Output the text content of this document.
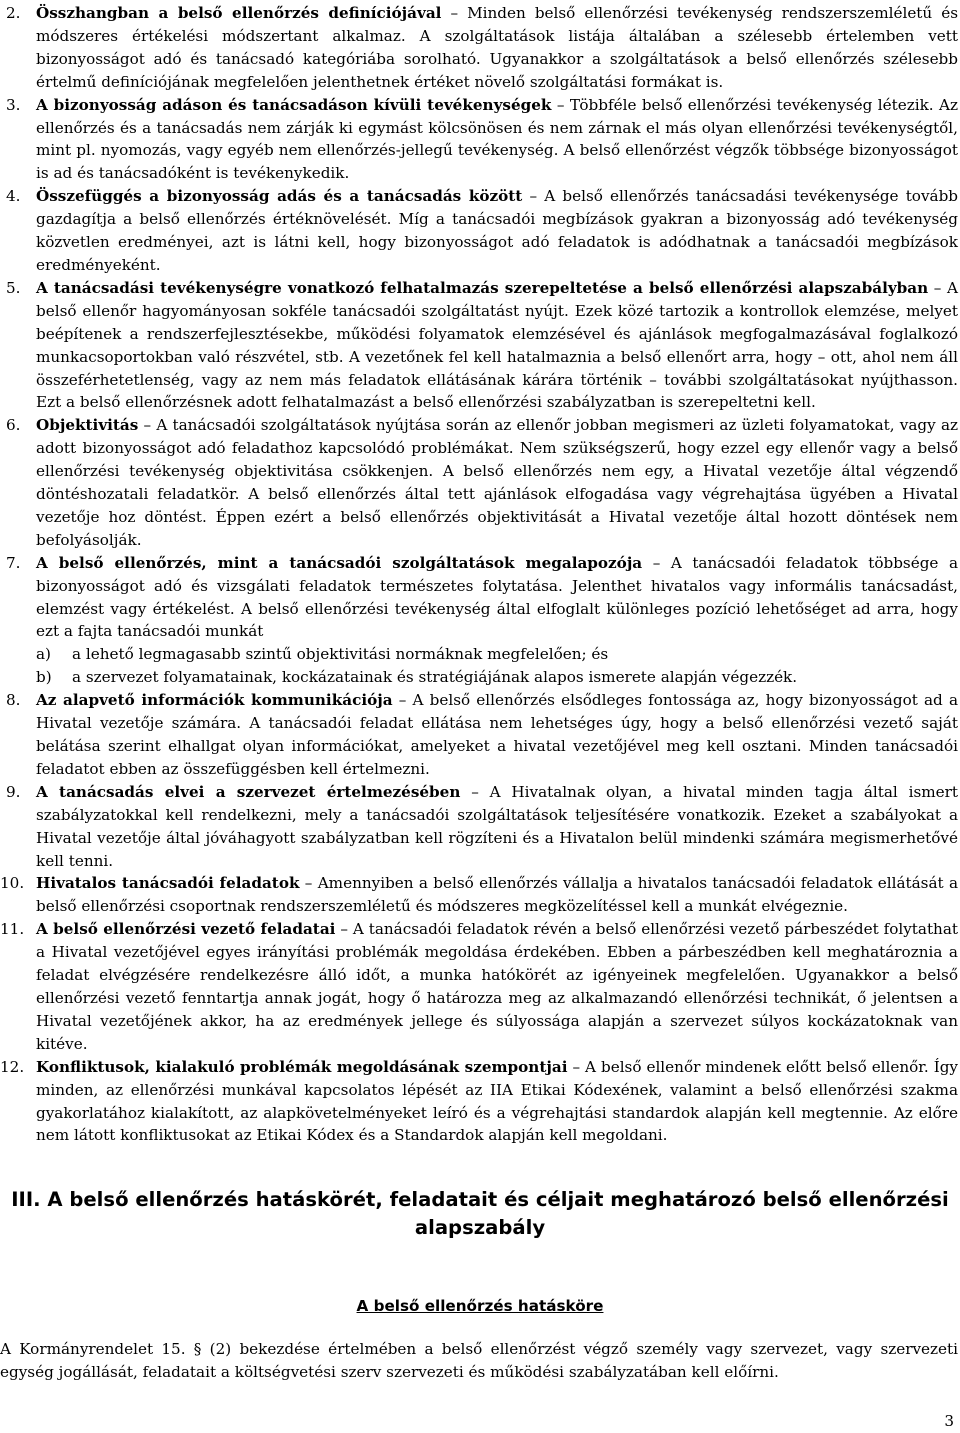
2.	Összhangban a belső ellenőrzés definíciójával – Minden belső ellenőrzési tevékenység rendszerszemléletű és módszeres értékelési módszertant alkalmaz. A szolgáltatások listája általában a szélesebb értelemben vett bizonyosságot adó és tanácsadó kategóriába sorolható. Ugyanakkor a szolgáltatások a belső ellenőrzés szélesebb értelmű definíciójának megfelelően jelenthetnek értéket növelő szolgáltatási formákat is.
3.	A bizonyosság adáson és tanácsadáson kívüli tevékenységek – Többféle belső ellenőrzési tevékenység létezik. Az ellenőrzés és a tanácsadás nem zárják ki egymást kölcsönösen és nem zárnak el más olyan ellenőrzési tevékenységtől, mint pl. nyomozás, vagy egyéb nem ellenőrzés-jellegű tevékenység. A belső ellenőrzést végzők többsége bizonyosságot is ad és tanácsadóként is tevékenykedik.
4.	Összefüggés a bizonyosság adás és a tanácsadás között – A belső ellenőrzés tanácsadási tevékenysége tovább gazdagítja a belső ellenőrzés értéknövelését. Míg a tanácsadói megbízások gyakran a bizonyosság adó tevékenység közvetlen eredményei, azt is látni kell, hogy bizonyosságot adó feladatok is adódhatnak a tanácsadói megbízások eredményeként.
5.	A tanácsadási tevékenységre vonatkozó felhatalmazás szerepeltetése a belső ellenőrzési alapszabályban – A belső ellenőr hagyományosan sokféle tanácsadói szolgáltatást nyújt. Ezek közé tartozik a kontrollok elemzése, melyet beépítenek a rendszerfejlesztésekbe, működési folyamatok elemzésével és ajánlások megfogalmazásával foglalkozó munkacsoportokban való részvétel, stb. A vezetőnek fel kell hatalmaznia a belső ellenőrt arra, hogy – ott, ahol nem áll összeférhetetlenség, vagy az nem más feladatok ellátásának kárára történik – további szolgáltatásokat nyújthasson. Ezt a belső ellenőrzésnek adott felhatalmazást a belső ellenőrzési szabályzatban is szerepeltetni kell.
6.	Objektivitás – A tanácsadói szolgáltatások nyújtása során az ellenőr jobban megismeri az üzleti folyamatokat, vagy az adott bizonyosságot adó feladathoz kapcsolódó problémákat. Nem szükségszerű, hogy ezzel egy ellenőr vagy a belső ellenőrzési tevékenység objektivitása csökkenjen. A belső ellenőrzés nem egy, a Hivatal vezetője által végzendő döntéshozatali feladatkör. A belső ellenőrzés által tett ajánlások elfogadása vagy végrehajtása ügyében a Hivatal vezetője hoz döntést. Éppen ezért a belső ellenőrzés objektivitását a Hivatal vezetője által hozott döntések nem befolyásolják.
7.	A belső ellenőrzés, mint a tanácsadói szolgáltatások megalapozója – A tanácsadói feladatok többsége a bizonyosságot adó és vizsgálati feladatok természetes folytatása. Jelenthet hivatalos vagy informális tanácsadást, elemzést vagy értékelést. A belső ellenőrzési tevékenység által elfoglalt különleges pozíció lehetőséget ad arra, hogy ezt a fajta tanácsadói munkát
a)	a lehető legmagasabb szintű objektivitási normáknak megfelelően; és
b)	a szervezet folyamatainak, kockázatainak és stratégiájának alapos ismerete alapján végezzék.
8.	Az alapvető információk kommunikációja – A belső ellenőrzés elsődleges fontossága az, hogy bizonyosságot ad a Hivatal vezetője számára. A tanácsadói feladat ellátása nem lehetséges úgy, hogy a belső ellenőrzési vezető saját belátása szerint elhallgat olyan információkat, amelyeket a hivatal vezetőjével meg kell osztani. Minden tanácsadói feladatot ebben az összefüggésben kell értelmezni.
9.	A tanácsadás elvei a szervezet értelmezésében – A Hivatalnak olyan, a hivatal minden tagja által ismert szabályzatokkal kell rendelkezni, mely a tanácsadói szolgáltatások teljesítésére vonatkozik. Ezeket a szabályokat a Hivatal vezetője által jóváhagyott szabályzatban kell rögzíteni és a Hivatalon belül mindenki számára megismerhetővé kell tenni.
10. Hivatalos tanácsadói feladatok – Amennyiben a belső ellenőrzés vállalja a hivatalos tanácsadói feladatok ellátását a belső ellenőrzési csoportnak rendszerszemléletű és módszeres megközelítéssel kell a munkát elvégeznie.
11. A belső ellenőrzési vezető feladatai – A tanácsadói feladatok révén a belső ellenőrzési vezető párbeszédet folytathat a Hivatal vezetőjével egyes irányítási problémák megoldása érdekében. Ebben a párbeszédben kell meghatároznia a feladat elvégzésére rendelkezésre álló időt, a munka hatókörét az igényeinek megfelelően. Ugyanakkor a belső ellenőrzési vezető fenntartja annak jogát, hogy ő határozza meg az alkalmazandó ellenőrzési technikát, ő jelentsen a Hivatal vezetőjének akkor, ha az eredmények jellege és súlyossága alapján a szervezet súlyos kockázatoknak van kitéve.
12. Konfliktusok, kialakuló problémák megoldásának szempontjai – A belső ellenőr mindenek előtt belső ellenőr. Így minden, az ellenőrzési munkával kapcsolatos lépését az IIA Etikai Kódexének, valamint a belső ellenőrzési szakma gyakorlatához kialakított, az alapkövetelményeket leíró és a végrehajtási standardok alapján kell megtennie. Az előre nem látott konfliktusokat az Etikai Kódex és a Standardok alapján kell megoldani.
III. A belső ellenőrzés hatáskörét, feladatait és céljait meghatározó belső ellenőrzési alapszabály
A belső ellenőrzés hatásköre
A Kormányrendelet 15. § (2) bekezdése értelmében a belső ellenőrzést végző személy vagy szervezet, vagy szervezeti egység jogállását, feladatait a költségvetési szerv szervezeti és működési szabályzatában kell előírni.
3
